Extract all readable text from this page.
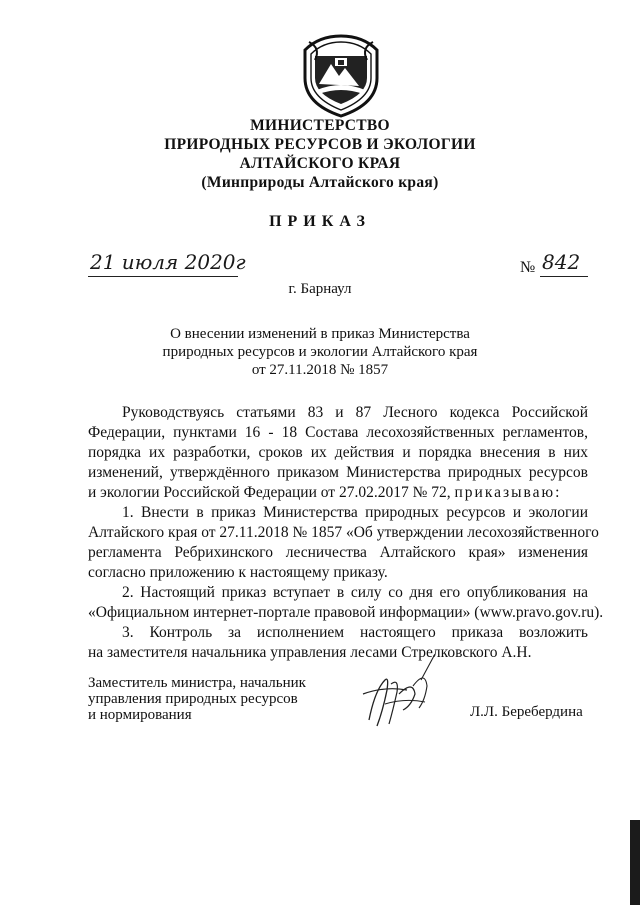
МИНИСТЕРСТВО
ПРИРОДНЫХ РЕСУРСОВ И ЭКОЛОГИИ
АЛТАЙСКОГО КРАЯ
(Минприроды Алтайского края)
ПРИКАЗ
21 июля 2020г	№ 842
г. Барнаул
О внесении изменений в приказ Министерства
природных ресурсов и экологии Алтайского края
от 27.11.2018 № 1857
Руководствуясь статьями 83 и 87 Лесного кодекса Российской
Федерации, пунктами 16 - 18 Состава лесохозяйственных регламентов,
порядка их разработки, сроков их действия и порядка внесения в них
изменений, утверждённого приказом Министерства природных ресурсов
и экологии Российской Федерации от 27.02.2017 № 72, приказываю:
1. Внести в приказ Министерства природных ресурсов и экологии
Алтайского края от 27.11.2018 № 1857 «Об утверждении лесохозяйственного
регламента Ребрихинского лесничества Алтайского края» изменения
согласно приложению к настоящему приказу.
2. Настоящий приказ вступает в силу со дня его опубликования на
«Официальном интернет-портале правовой информации» (www.pravo.gov.ru).
3. Контроль за исполнением настоящего приказа возложить
на заместителя начальника управления лесами Стрелковского А.Н.
Заместитель министра, начальник
управления природных ресурсов
и нормирования	Л.Л. Беребердина
